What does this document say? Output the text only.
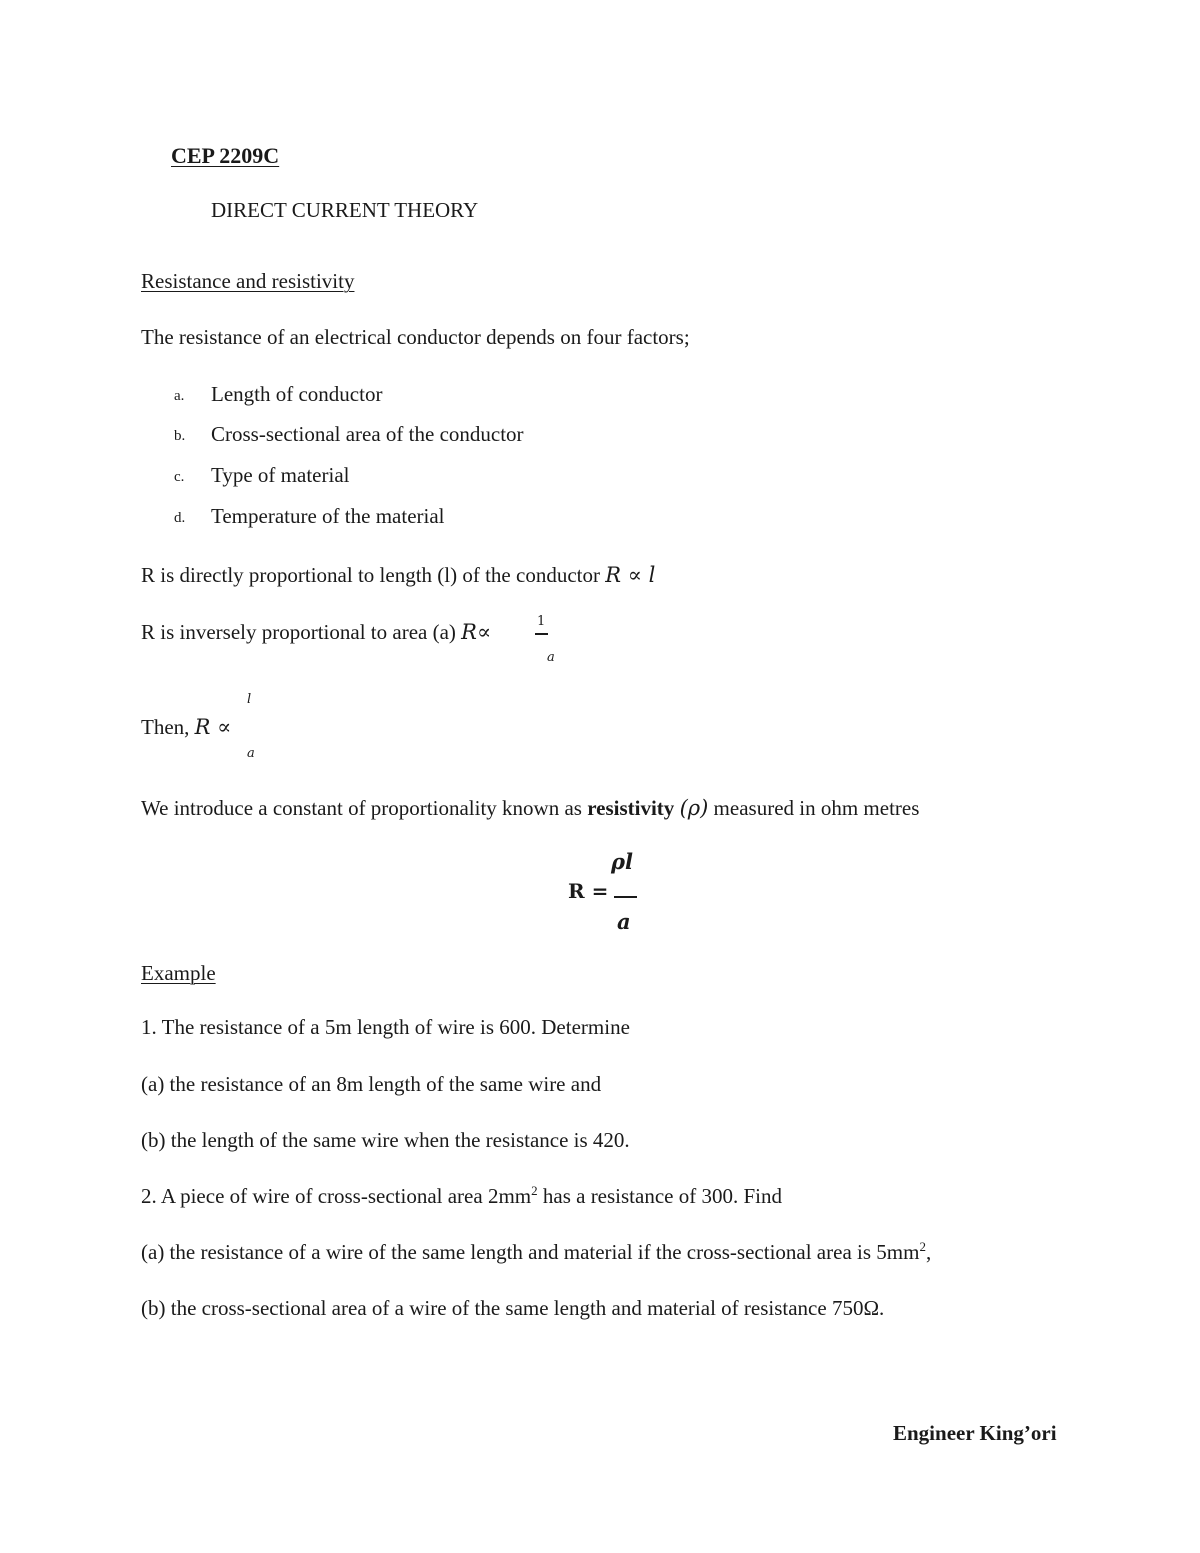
CEP 2209C
DIRECT CURRENT THEORY
Resistance and resistivity
The resistance of an electrical conductor depends on four factors;
a. Length of conductor
b. Cross-sectional area of the conductor
c. Type of material
d. Temperature of the material
R is directly proportional to length (l) of the conductor R ∝ l
R is inversely proportional to area (a) R∝	1
a
l
Then, R ∝
a
We introduce a constant of proportionality known as resistivity (ρ) measured in ohm metres
ρl
R =
a
Example
1. The resistance of a 5m length of wire is 600. Determine
(a) the resistance of an 8m length of the same wire and
(b) the length of the same wire when the resistance is 420.
2. A piece of wire of cross-sectional area $2mm^2$ has a resistance of 300. Find
(a) the resistance of a wire of the same length and material if the cross-sectional area is $5mm^2$,
(b) the cross-sectional area of a wire of the same length and material of resistance 750Ω.
Engineer King’ori
